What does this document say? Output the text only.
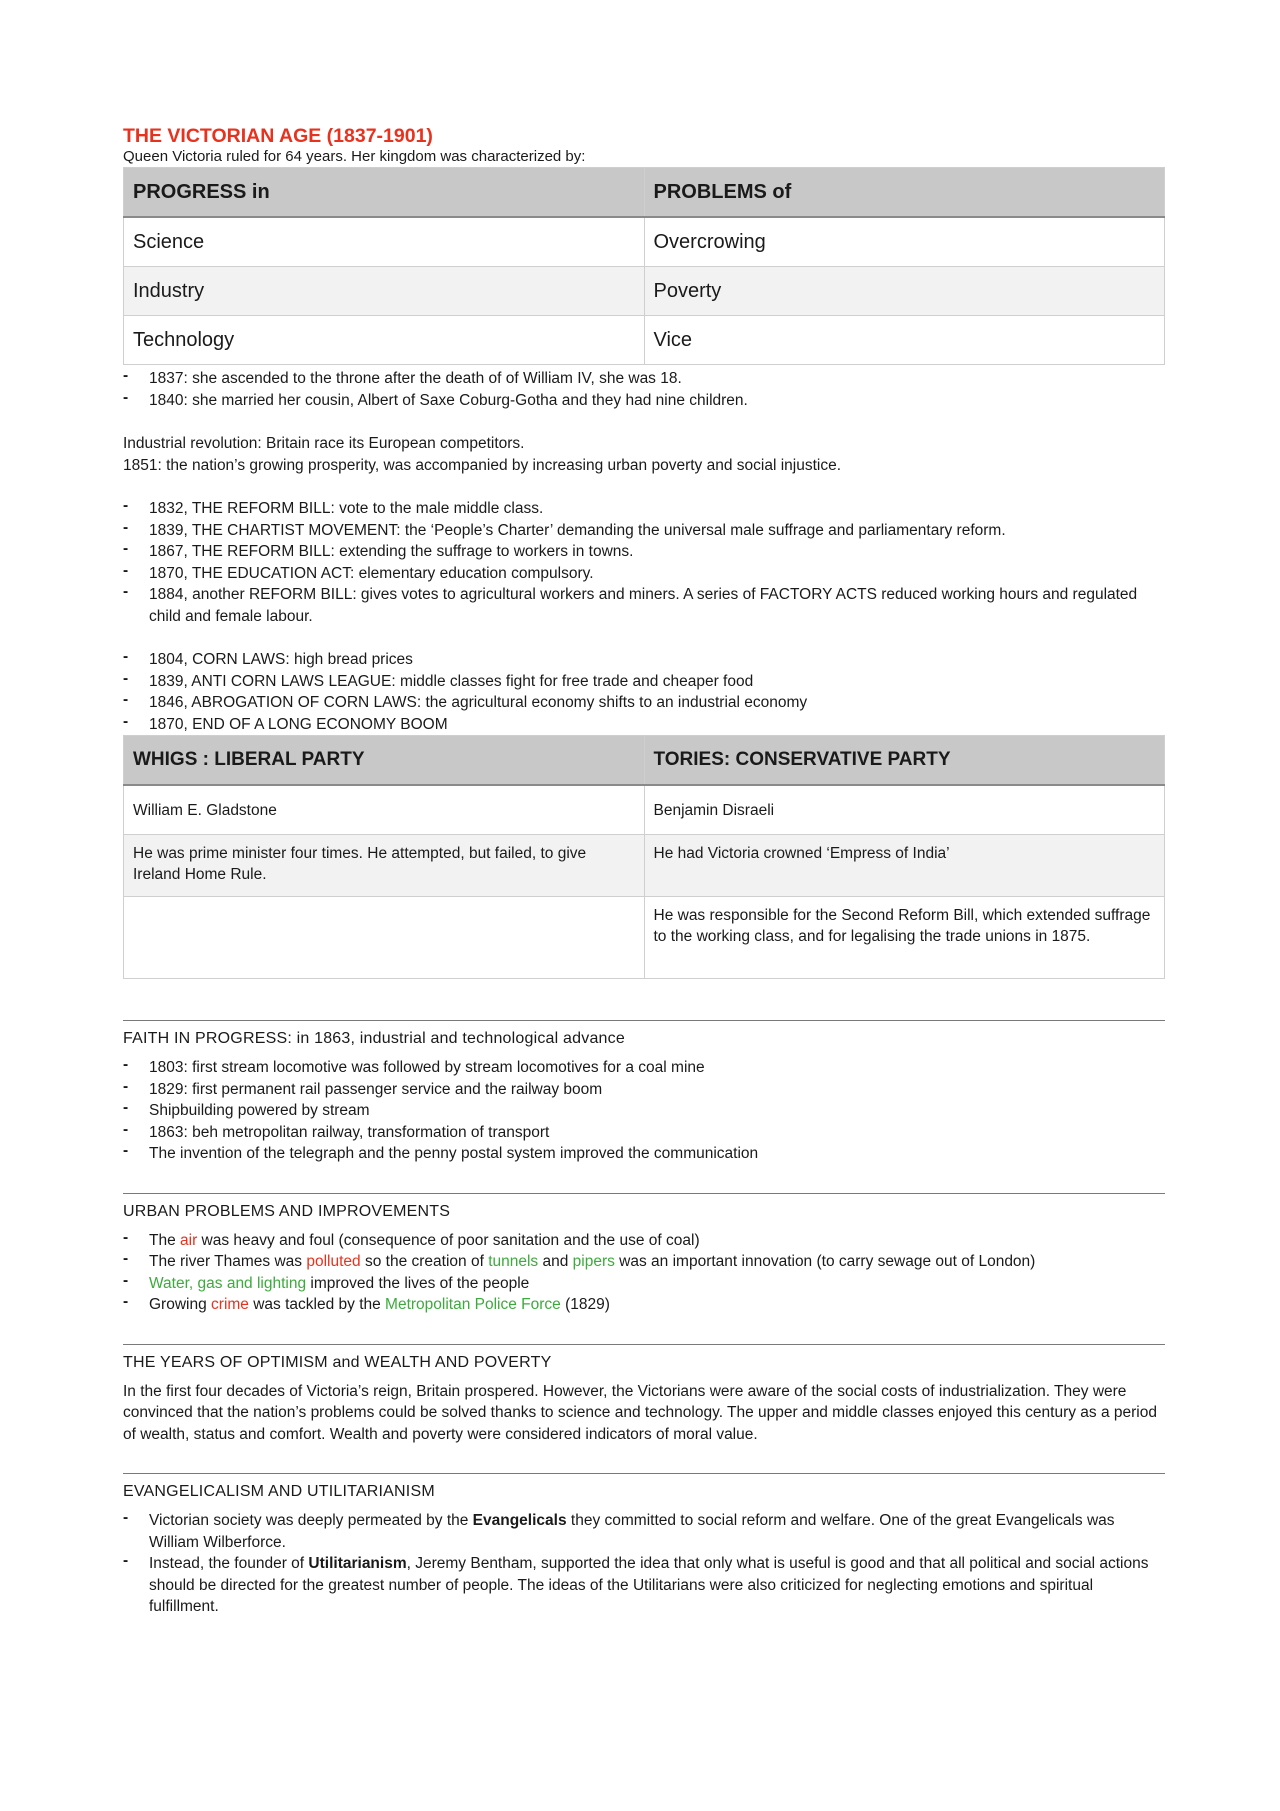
THE VICTORIAN AGE (1837-1901)

Queen Victoria ruled for 64 years. Her kingdom was characterized by:

PROGRESS in	PROBLEMS of
Science	Overcrowing
Industry	Poverty
Technology	Vice
- 1837: she ascended to the throne after the death of of William IV, she was 18.
- 1840: she married her cousin, Albert of Saxe Coburg-Gotha and they had nine children.

Industrial revolution: Britain race its European competitors.

1851: the nation’s growing prosperity, was accompanied by increasing urban poverty and social injustice.

- 1832, THE REFORM BILL: vote to the male middle class.
- 1839, THE CHARTIST MOVEMENT: the ‘People’s Charter’ demanding the universal male suffrage and parliamentary reform.
- 1867, THE REFORM BILL: extending the suffrage to workers in towns.
- 1870, THE EDUCATION ACT: elementary education compulsory.
- 1884, another REFORM BILL: gives votes to agricultural workers and miners. A series of FACTORY ACTS reduced working hours and regulated child and female labour.
- 1804, CORN LAWS: high bread prices
- 1839, ANTI CORN LAWS LEAGUE: middle classes fight for free trade and cheaper food
- 1846, ABROGATION OF CORN LAWS: the agricultural economy shifts to an industrial economy
- 1870, END OF A LONG ECONOMY BOOM
WHIGS : LIBERAL PARTY	TORIES: CONSERVATIVE PARTY
William E. Gladstone	Benjamin Disraeli
He was prime minister four times. He attempted, but failed, to give Ireland Home Rule.	He had Victoria crowned ‘Empress of India’
	He was responsible for the Second Reform Bill, which extended suffrage to the working class, and for legalising the trade unions in 1875.

FAITH IN PROGRESS: in 1863, industrial and technological advance

- 1803: first stream locomotive was followed by stream locomotives for a coal mine
- 1829: first permanent rail passenger service and the railway boom
- Shipbuilding powered by stream
- 1863: beh metropolitan railway, transformation of transport
- The invention of the telegraph and the penny postal system improved the communication

URBAN PROBLEMS AND IMPROVEMENTS

- The air was heavy and foul (consequence of poor sanitation and the use of coal)
- The river Thames was polluted so the creation of tunnels and pipers was an important innovation (to carry sewage out of London)
- Water, gas and lighting improved the lives of the people
- Growing crime was tackled by the Metropolitan Police Force (1829)

THE YEARS OF OPTIMISM and WEALTH AND POVERTY

In the first four decades of Victoria’s reign, Britain prospered. However, the Victorians were aware of the social costs of industrialization. They were convinced that the nation’s problems could be solved thanks to science and technology. The upper and middle classes enjoyed this century as a period of wealth, status and comfort. Wealth and poverty were considered indicators of moral value.

EVANGELICALISM AND UTILITARIANISM

- Victorian society was deeply permeated by the Evangelicals they committed to social reform and welfare. One of the great Evangelicals was William Wilberforce.
- Instead, the founder of Utilitarianism, Jeremy Bentham, supported the idea that only what is useful is good and that all political and social actions should be directed for the greatest number of people. The ideas of the Utilitarians were also criticized for neglecting emotions and spiritual fulfillment.
